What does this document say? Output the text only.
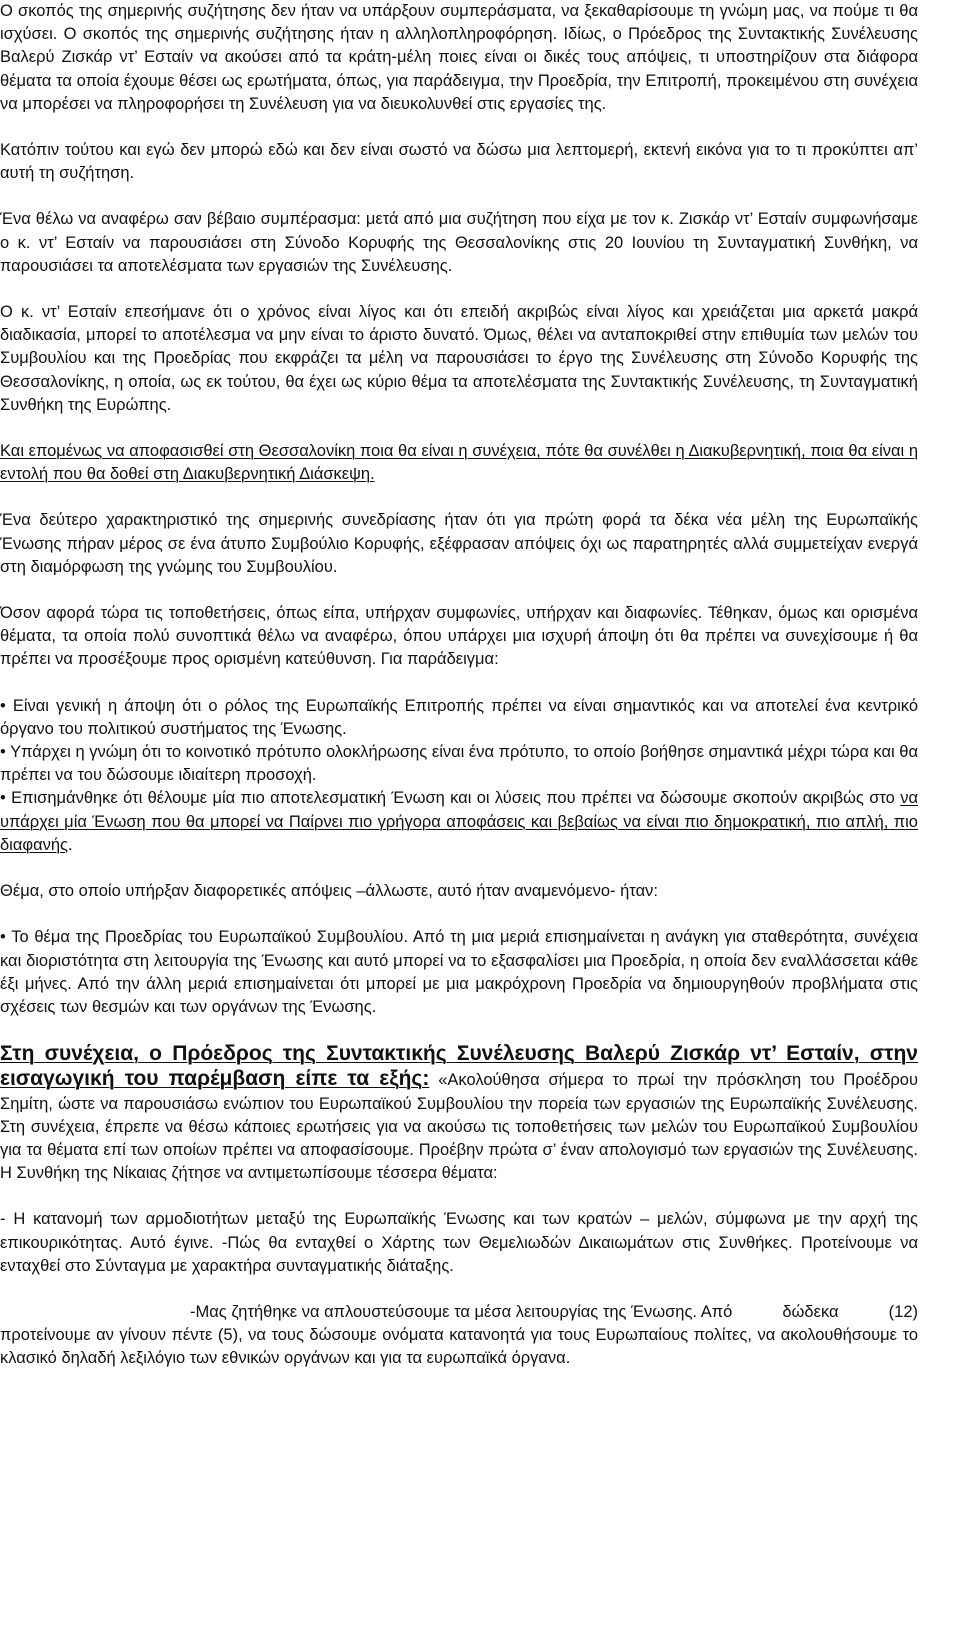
Ο σκοπός της σημερινής συζήτησης δεν ήταν να υπάρξουν συμπεράσματα, να ξεκαθαρίσουμε τη γνώμη μας, να πούμε τι θα ισχύσει. Ο σκοπός της σημερινής συζήτησης ήταν η αλληλοπληροφόρηση. Ιδίως, ο Πρόεδρος της Συντακτικής Συνέλευσης Βαλερύ Ζισκάρ ντ’ Εσταίν να ακούσει από τα κράτη-μέλη ποιες είναι οι δικές τους απόψεις, τι υποστηρίζουν στα διάφορα θέματα τα οποία έχουμε θέσει ως ερωτήματα, όπως, για παράδειγμα, την Προεδρία, την Επιτροπή, προκειμένου στη συνέχεια να μπορέσει να πληροφορήσει τη Συνέλευση για να διευκολυνθεί στις εργασίες της.

Κατόπιν τούτου και εγώ δεν μπορώ εδώ και δεν είναι σωστό να δώσω μια λεπτομερή, εκτενή εικόνα για το τι προκύπτει απ’ αυτή τη συζήτηση.

Ένα θέλω να αναφέρω σαν βέβαιο συμπέρασμα: μετά από μια συζήτηση που είχα με τον κ. Ζισκάρ ντ’ Εσταίν συμφωνήσαμε ο κ. ντ’ Εσταίν να παρουσιάσει στη Σύνοδο Κορυφής της Θεσσαλονίκης στις 20 Ιουνίου τη Συνταγματική Συνθήκη, να παρουσιάσει τα αποτελέσματα των εργασιών της Συνέλευσης.

Ο κ. ντ’ Εσταίν επεσήμανε ότι ο χρόνος είναι λίγος και ότι επειδή ακριβώς είναι λίγος και χρειάζεται μια αρκετά μακρά διαδικασία, μπορεί το αποτέλεσμα να μην είναι το άριστο δυνατό. Όμως, θέλει να ανταποκριθεί στην επιθυμία των μελών του Συμβουλίου και της Προεδρίας που εκφράζει τα μέλη να παρουσιάσει το έργο της Συνέλευσης στη Σύνοδο Κορυφής της Θεσσαλονίκης, η οποία, ως εκ τούτου, θα έχει ως κύριο θέμα τα αποτελέσματα της Συντακτικής Συνέλευσης, τη Συνταγματική Συνθήκη της Ευρώπης.

Και επομένως να αποφασισθεί στη Θεσσαλονίκη ποια θα είναι η συνέχεια, πότε θα συνέλθει η Διακυβερνητική, ποια θα είναι η εντολή που θα δοθεί στη Διακυβερνητική Διάσκεψη.

Ένα δεύτερο χαρακτηριστικό της σημερινής συνεδρίασης ήταν ότι για πρώτη φορά τα δέκα νέα μέλη της Ευρωπαϊκής Ένωσης πήραν μέρος σε ένα άτυπο Συμβούλιο Κορυφής, εξέφρασαν απόψεις όχι ως παρατηρητές αλλά συμμετείχαν ενεργά στη διαμόρφωση της γνώμης του Συμβουλίου.

Όσον αφορά τώρα τις τοποθετήσεις, όπως είπα, υπήρχαν συμφωνίες, υπήρχαν και διαφωνίες. Τέθηκαν, όμως και ορισμένα θέματα, τα οποία πολύ συνοπτικά θέλω να αναφέρω, όπου υπάρχει μια ισχυρή άποψη ότι θα πρέπει να συνεχίσουμε ή θα πρέπει να προσέξουμε προς ορισμένη κατεύθυνση. Για παράδειγμα:

• Είναι γενική η άποψη ότι ο ρόλος της Ευρωπαϊκής Επιτροπής πρέπει να είναι σημαντικός και να αποτελεί ένα κεντρικό όργανο του πολιτικού συστήματος της Ένωσης.

• Υπάρχει η γνώμη ότι το κοινοτικό πρότυπο ολοκλήρωσης είναι ένα πρότυπο, το οποίο βοήθησε σημαντικά μέχρι τώρα και θα πρέπει να του δώσουμε ιδιαίτερη προσοχή.

• Επισημάνθηκε ότι θέλουμε μία πιο αποτελεσματική Ένωση και οι λύσεις που πρέπει να δώσουμε σκοπούν ακριβώς στο να υπάρχει μία Ένωση που θα μπορεί να Παίρνει πιο γρήγορα αποφάσεις και βεβαίως να είναι πιο δημοκρατική, πιο απλή, πιο διαφανής.

Θέμα, στο οποίο υπήρξαν διαφορετικές απόψεις –άλλωστε, αυτό ήταν αναμενόμενο- ήταν:

• Το θέμα της Προεδρίας του Ευρωπαϊκού Συμβουλίου. Από τη μια μεριά επισημαίνεται η ανάγκη για σταθερότητα, συνέχεια και διοριστότητα στη λειτουργία της Ένωσης και αυτό μπορεί να το εξασφαλίσει μια Προεδρία, η οποία δεν εναλλάσσεται κάθε έξι μήνες. Από την άλλη μεριά επισημαίνεται ότι μπορεί με μια μακρόχρονη Προεδρία να δημιουργηθούν προβλήματα στις σχέσεις των θεσμών και των οργάνων της Ένωσης.

Στη συνέχεια, ο Πρόεδρος της Συντακτικής Συνέλευσης Βαλερύ Ζισκάρ ντ’ Εσταίν, στην εισαγωγική του παρέμβαση είπε τα εξής: «Ακολούθησα σήμερα το πρωί την πρόσκληση του Προέδρου Σημίτη, ώστε να παρουσιάσω ενώπιον του Ευρωπαϊκού Συμβουλίου την πορεία των εργασιών της Ευρωπαϊκής Συνέλευσης. Στη συνέχεια, έπρεπε να θέσω κάποιες ερωτήσεις για να ακούσω τις τοποθετήσεις των μελών του Ευρωπαϊκού Συμβουλίου για τα θέματα επί των οποίων πρέπει να αποφασίσουμε. Προέβην πρώτα σ’ έναν απολογισμό των εργασιών της Συνέλευσης. Η Συνθήκη της Νίκαιας ζήτησε να αντιμετωπίσουμε τέσσερα θέματα:

- Η κατανομή των αρμοδιοτήτων μεταξύ της Ευρωπαϊκής Ένωσης και των κρατών – μελών, σύμφωνα με την αρχή της επικουρικότητας. Αυτό έγινε. -Πώς θα ενταχθεί ο Χάρτης των Θεμελιωδών Δικαιωμάτων στις Συνθήκες. Προτείνουμε να ενταχθεί στο Σύνταγμα με χαρακτήρα συνταγματικής διάταξης.

-Μας ζητήθηκε να απλουστεύσουμε τα μέσα λειτουργίας της Ένωσης. Από	δώδεκα (12) προτείνουμε αν γίνουν πέντε (5), να τους δώσουμε ονόματα κατανοητά για τους Ευρωπαίους πολίτες, να ακολουθήσουμε το κλασικό δηλαδή λεξιλόγιο των εθνικών οργάνων και για τα ευρωπαϊκά όργανα.
